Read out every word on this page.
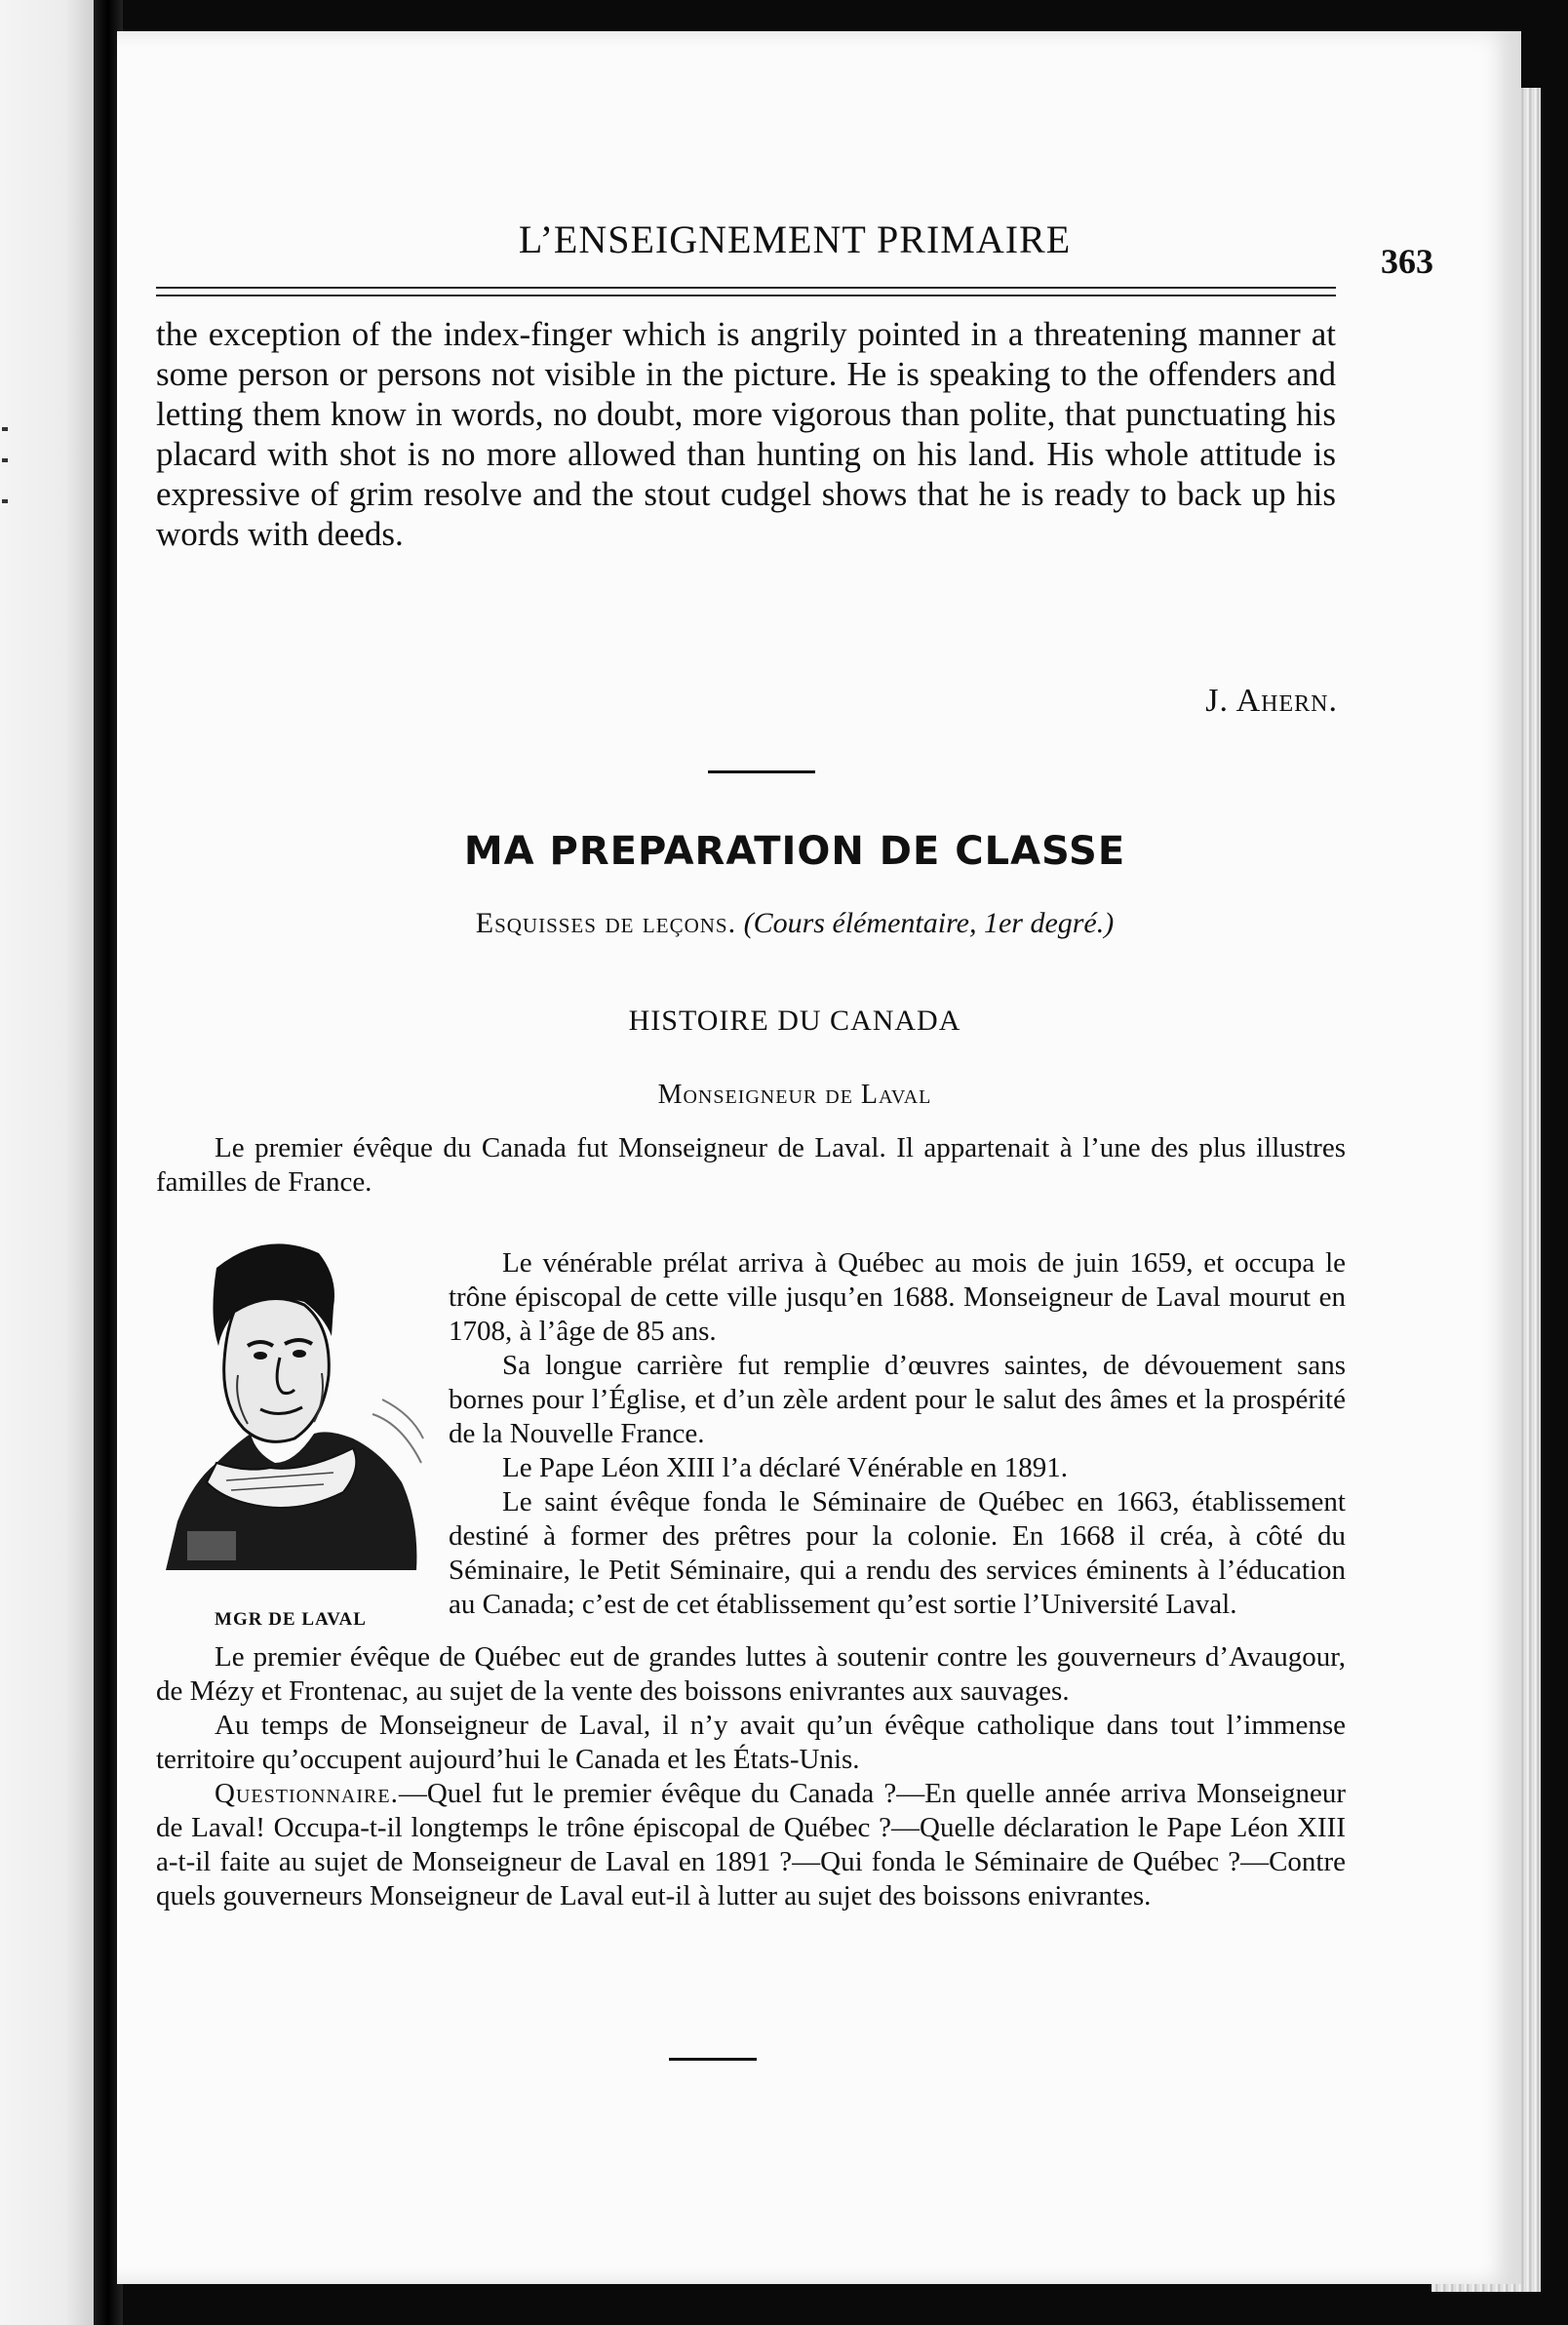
L’ENSEIGNEMENT PRIMAIRE	363

the exception of the index-finger which is angrily pointed in a threatening manner at some person or persons not visible in the picture. He is speaking to the offenders and letting them know in words, no doubt, more vigorous than polite, that punctuating his placard with shot is no more allowed than hunting on his land. His whole attitude is expressive of grim resolve and the stout cudgel shows that he is ready to back up his words with deeds.

J. Ahern.
MA PREPARATION DE CLASSE
Esquisses de leçons. (Cours élémentaire, 1er degré.)
HISTOIRE DU CANADA
Monseigneur de Laval

Le premier évêque du Canada fut Monseigneur de Laval. Il appartenait à l’une des plus illustres familles de France.

MGR DE LAVAL

Le vénérable prélat arriva à Québec au mois de juin 1659, et occupa le trône épiscopal de cette ville jusqu’en 1688. Monseigneur de Laval mourut en 1708, à l’âge de 85 ans.

Sa longue carrière fut remplie d’œuvres saintes, de dévouement sans bornes pour l’Église, et d’un zèle ardent pour le salut des âmes et la prospérité de la Nouvelle France.

Le Pape Léon XIII l’a déclaré Vénérable en 1891.

Le saint évêque fonda le Séminaire de Québec en 1663, établissement destiné à former des prêtres pour la colonie. En 1668 il créa, à côté du Séminaire, le Petit Séminaire, qui a rendu des services éminents à l’éducation au Canada; c’est de cet établissement qu’est sortie l’Université Laval.

Le premier évêque de Québec eut de grandes luttes à soutenir contre les gouverneurs d’Avaugour, de Mézy et Frontenac, au sujet de la vente des boissons enivrantes aux sauvages.

Au temps de Monseigneur de Laval, il n’y avait qu’un évêque catholique dans tout l’immense territoire qu’occupent aujourd’hui le Canada et les États-Unis.

Questionnaire.—Quel fut le premier évêque du Canada ?—En quelle année arriva Monseigneur de Laval! Occupa-t-il longtemps le trône épiscopal de Québec ?—Quelle déclaration le Pape Léon XIII a-t-il faite au sujet de Monseigneur de Laval en 1891 ?—Qui fonda le Séminaire de Québec ?—Contre quels gouverneurs Monseigneur de Laval eut-il à lutter au sujet des boissons enivrantes.
